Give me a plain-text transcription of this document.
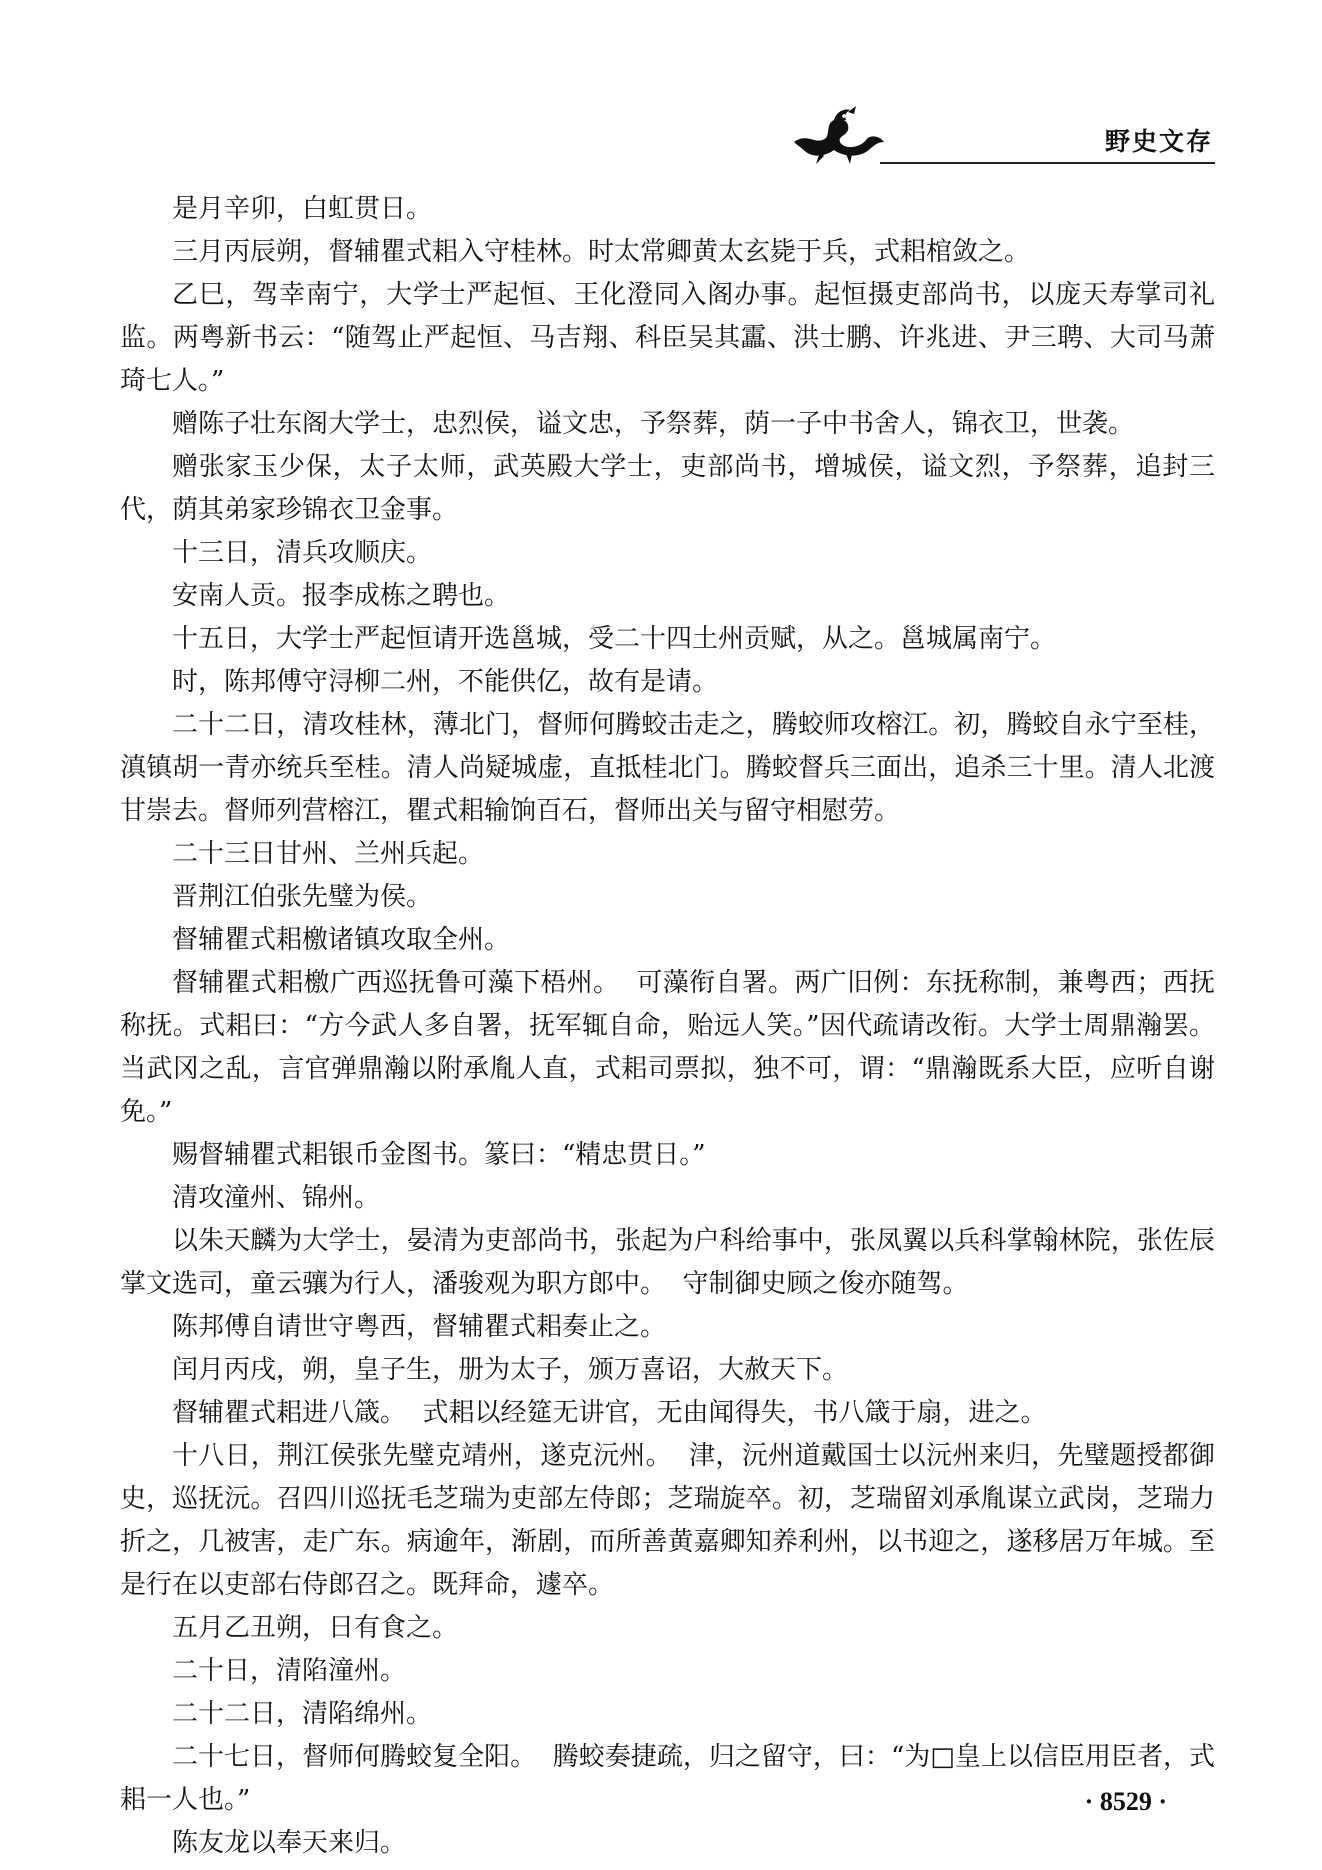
野史文存

是月辛卯，白虹贯日。

三月丙辰朔，督辅瞿式耜入守桂林。时太常卿黄太玄毙于兵，式耜棺敛之。

乙巳，驾幸南宁，大学士严起恒、王化澄同入阁办事。起恒摄吏部尚书，以庞天寿掌司礼监。两粤新书云：“随驾止严起恒、马吉翔、科臣吴其靁、洪士鹏、许兆进、尹三聘、大司马萧琦七人。”

赠陈子壮东阁大学士，忠烈侯，谥文忠，予祭葬，荫一子中书舍人，锦衣卫，世袭。

赠张家玉少保，太子太师，武英殿大学士，吏部尚书，增城侯，谥文烈，予祭葬，追封三代，荫其弟家珍锦衣卫金事。

十三日，清兵攻顺庆。

安南人贡。报李成栋之聘也。

十五日，大学士严起恒请开选邕城，受二十四土州贡赋，从之。邕城属南宁。

时，陈邦傅守浔柳二州，不能供亿，故有是请。

二十二日，清攻桂林，薄北门，督师何腾蛟击走之，腾蛟师攻榕江。初，腾蛟自永宁至桂，滇镇胡一青亦统兵至桂。清人尚疑城虚，直抵桂北门。腾蛟督兵三面出，追杀三十里。清人北渡甘崇去。督师列营榕江，瞿式耜输饷百石，督师出关与留守相慰劳。

二十三日甘州、兰州兵起。

晋荆江伯张先璧为侯。

督辅瞿式耜檄诸镇攻取全州。

督辅瞿式耜檄广西巡抚鲁可藻下梧州。  可藻衔自署。两广旧例：东抚称制，兼粤西；西抚称抚。式耜曰：“方今武人多自署，抚军辄自命，贻远人笑。”因代疏请改衔。大学士周鼎瀚罢。  当武冈之乱，言官弹鼎瀚以附承胤人直，式耜司票拟，独不可，谓：“鼎瀚既系大臣，应听自谢免。”

赐督辅瞿式耜银币金图书。篆曰：“精忠贯日。”

清攻潼州、锦州。

以朱天麟为大学士，晏清为吏部尚书，张起为户科给事中，张凤翼以兵科掌翰林院，张佐辰掌文选司，童云骧为行人，潘骏观为职方郎中。  守制御史顾之俊亦随驾。

陈邦傅自请世守粤西，督辅瞿式耜奏止之。

闰月丙戌，朔，皇子生，册为太子，颁万喜诏，大赦天下。

督辅瞿式耜进八箴。  式耜以经筵无讲官，无由闻得失，书八箴于扇，进之。

十八日，荆江侯张先璧克靖州，遂克沅州。  津，沅州道戴国士以沅州来归，先璧题授都御史，巡抚沅。召四川巡抚毛芝瑞为吏部左侍郎；芝瑞旋卒。初，芝瑞留刘承胤谋立武岗，芝瑞力折之，几被害，走广东。病逾年，渐剧，而所善黄嘉卿知养利州，以书迎之，遂移居万年城。至是行在以吏部右侍郎召之。既拜命，遽卒。

五月乙丑朔，日有食之。

二十日，清陷潼州。

二十二日，清陷绵州。

二十七日，督师何腾蛟复全阳。  腾蛟奏捷疏，归之留守，曰：“为□皇上以信臣用臣者，式耜一人也。”

陈友龙以奉天来归。

· 8529 ·
